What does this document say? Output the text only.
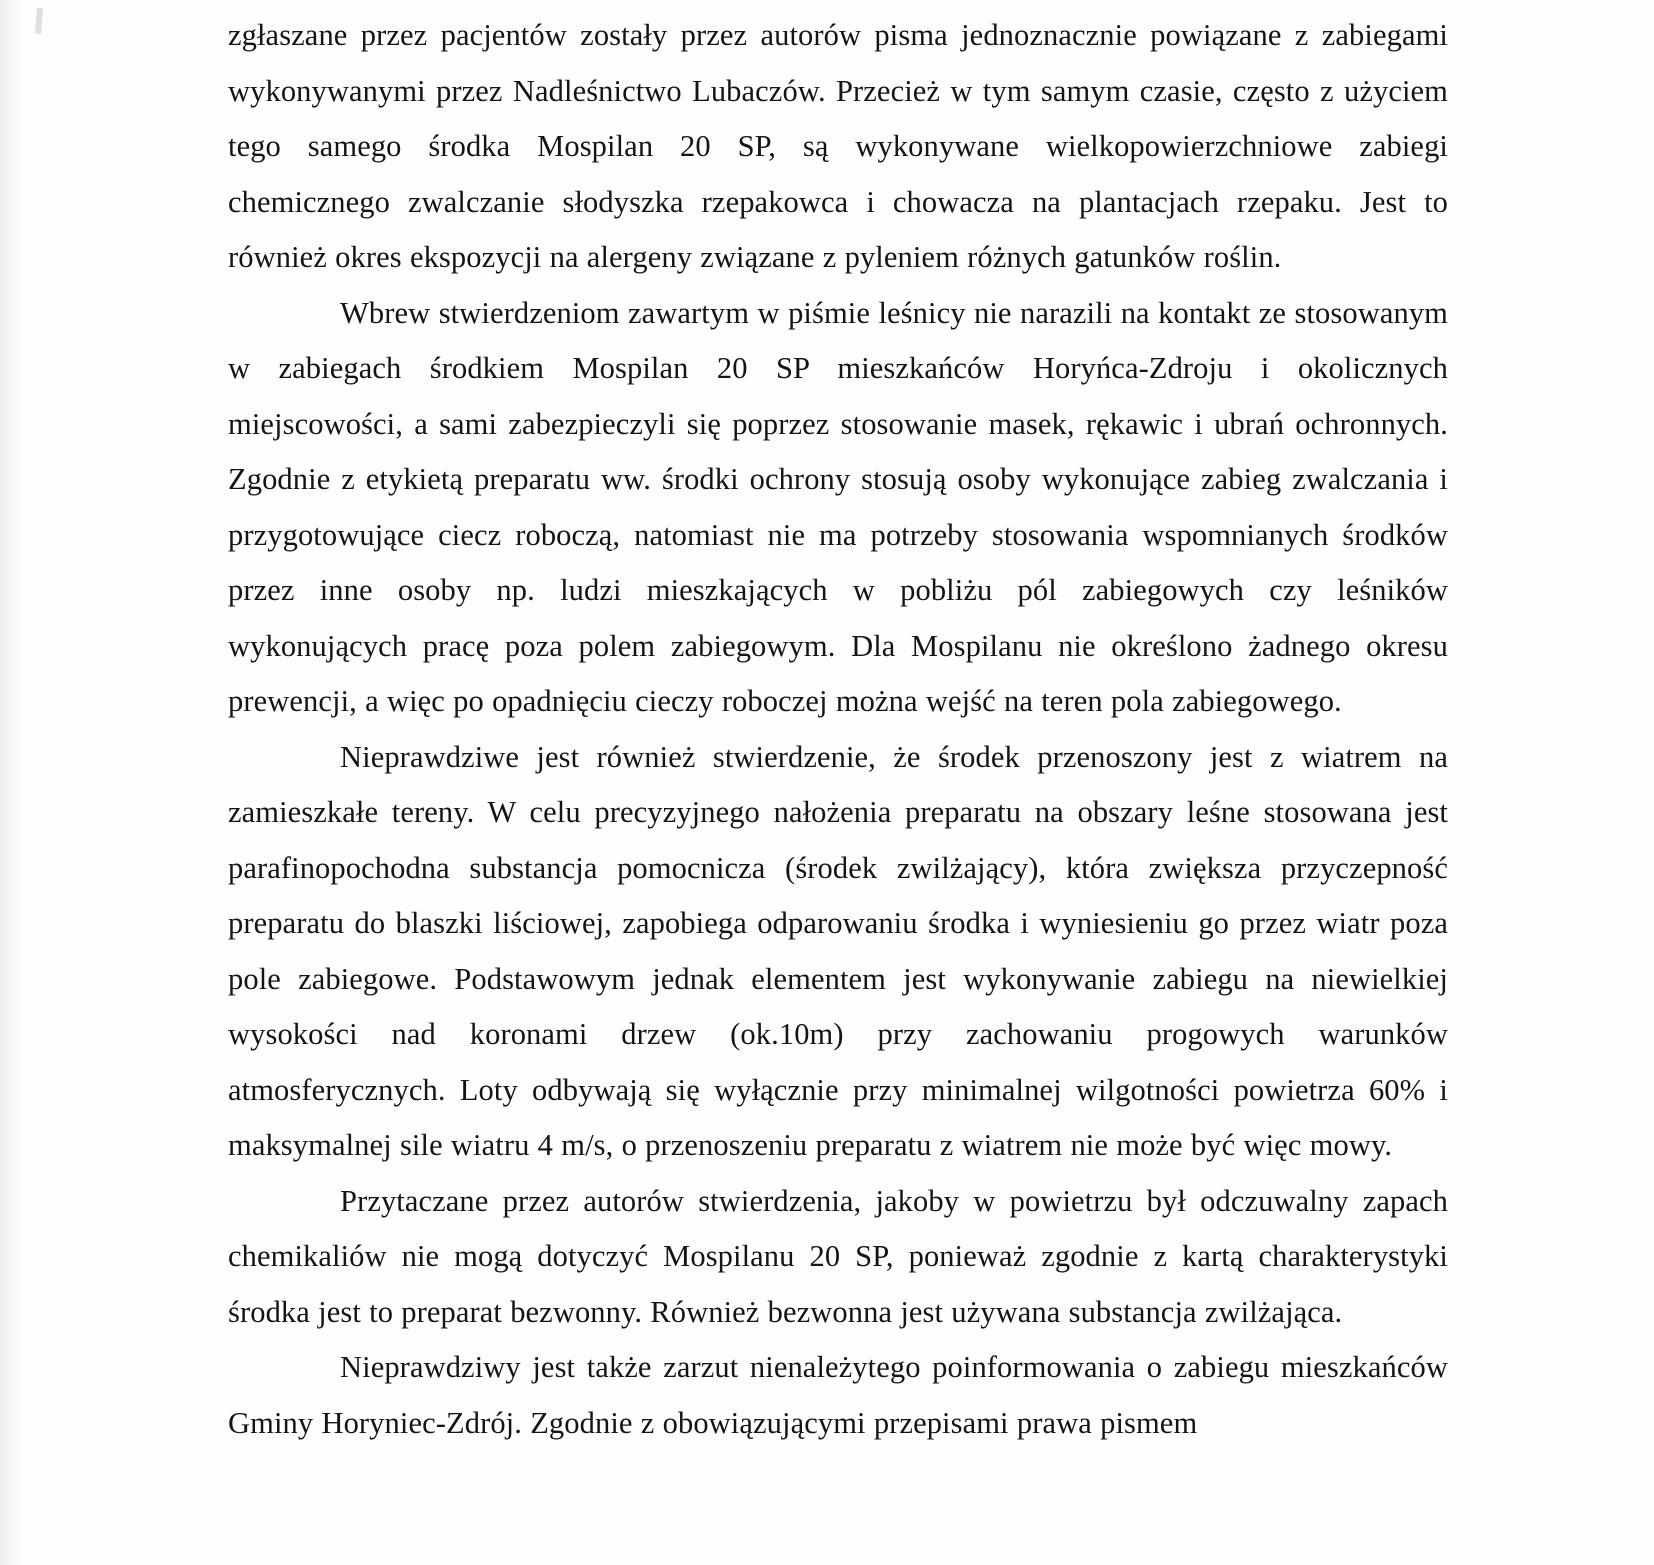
zgłaszane przez pacjentów zostały przez autorów pisma jednoznacznie powiązane z zabiegami wykonywanymi przez Nadleśnictwo Lubaczów. Przecież w tym samym czasie, często z użyciem tego samego środka Mospilan 20 SP, są wykonywane wielkopowierzchniowe zabiegi chemicznego zwalczanie słodyszka rzepakowca i chowacza na plantacjach rzepaku. Jest to również okres ekspozycji na alergeny związane z pyleniem różnych gatunków roślin.

Wbrew stwierdzeniom zawartym w piśmie leśnicy nie narazili na kontakt ze stosowanym w zabiegach środkiem Mospilan 20 SP mieszkańców Horyńca-Zdroju i okolicznych miejscowości, a sami zabezpieczyli się poprzez stosowanie masek, rękawic i ubrań ochronnych. Zgodnie z etykietą preparatu ww. środki ochrony stosują osoby wykonujące zabieg zwalczania i przygotowujące ciecz roboczą, natomiast nie ma potrzeby stosowania wspomnianych środków przez inne osoby np. ludzi mieszkających w pobliżu pól zabiegowych czy leśników wykonujących pracę poza polem zabiegowym. Dla Mospilanu nie określono żadnego okresu prewencji, a więc po opadnięciu cieczy roboczej można wejść na teren pola zabiegowego.

Nieprawdziwe jest również stwierdzenie, że środek przenoszony jest z wiatrem na zamieszkałe tereny. W celu precyzyjnego nałożenia preparatu na obszary leśne stosowana jest parafinopochodna substancja pomocnicza (środek zwilżający), która zwiększa przyczepność preparatu do blaszki liściowej, zapobiega odparowaniu środka i wyniesieniu go przez wiatr poza pole zabiegowe. Podstawowym jednak elementem jest wykonywanie zabiegu na niewielkiej wysokości nad koronami drzew (ok.10m) przy zachowaniu progowych warunków atmosferycznych. Loty odbywają się wyłącznie przy minimalnej wilgotności powietrza 60% i maksymalnej sile wiatru 4 m/s, o przenoszeniu preparatu z wiatrem nie może być więc mowy.

Przytaczane przez autorów stwierdzenia, jakoby w powietrzu był odczuwalny zapach chemikaliów nie mogą dotyczyć Mospilanu 20 SP, ponieważ zgodnie z kartą charakterystyki środka jest to preparat bezwonny. Również bezwonna jest używana substancja zwilżająca.

Nieprawdziwy jest także zarzut nienależytego poinformowania o zabiegu mieszkańców Gminy Horyniec-Zdrój. Zgodnie z obowiązującymi przepisami prawa pismem
